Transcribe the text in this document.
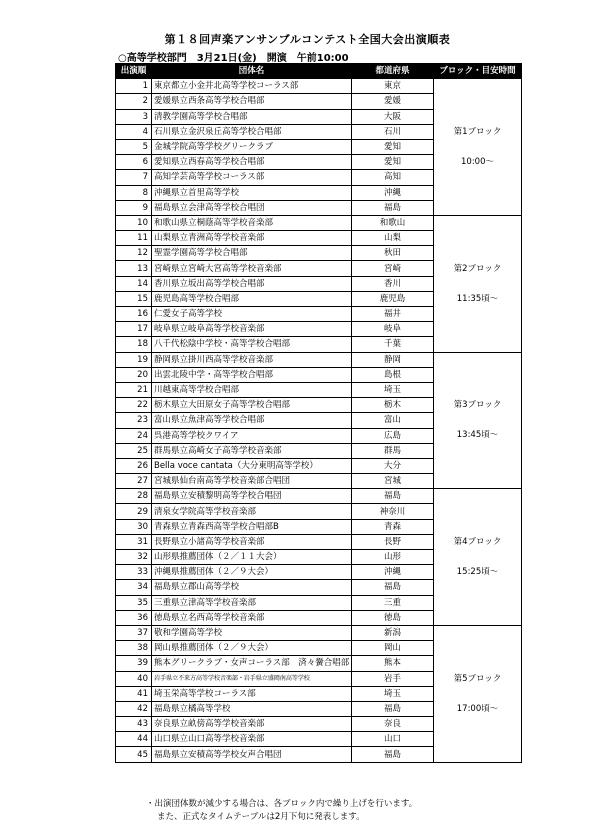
第１８回声楽アンサンブルコンテスト全国大会出演順表
○高等学校部門　3月21日(金)　開演　午前10:00
出演順	団体名	都道府県	ブロック・目安時間
1	東京都立小金井北高等学校コーラス部	東京	第1ブロック
10:00～

2	愛媛県立西条高等学校合唱部	愛媛	
3	清教学園高等学校合唱部	大阪	
4	石川県立金沢泉丘高等学校合唱部	石川	
5	金城学院高等学校グリークラブ	愛知	
6	愛知県立西春高等学校合唱部	愛知	
7	高知学芸高等学校コーラス部	高知	
8	沖縄県立首里高等学校	沖縄	
9	福島県立会津高等学校合唱団	福島	
10	和歌山県立桐蔭高等学校音楽部	和歌山	第2ブロック
11:35頃～

11	山梨県立青洲高等学校音楽部	山梨	
12	聖霊学園高等学校合唱部	秋田	
13	宮崎県立宮崎大宮高等学校音楽部	宮崎	
14	香川県立坂出高等学校合唱部	香川	
15	鹿児島高等学校合唱部	鹿児島	
16	仁愛女子高等学校	福井	
17	岐阜県立岐阜高等学校音楽部	岐阜	
18	八千代松陰中学校・高等学校合唱部	千葉	
19	静岡県立掛川西高等学校音楽部	静岡	第3ブロック
13:45頃～

20	出雲北陵中学・高等学校合唱部	島根	
21	川越東高等学校合唱部	埼玉	
22	栃木県立大田原女子高等学校合唱部	栃木	
23	富山県立魚津高等学校合唱部	富山	
24	呉港高等学校クワイア	広島	
25	群馬県立高崎女子高等学校音楽部	群馬	
26	Bella voce cantata（大分東明高等学校）	大分	
27	宮城県仙台南高等学校音楽部合唱団	宮城	
28	福島県立安積黎明高等学校合唱団	福島	第4ブロック
15:25頃～

29	清泉女学院高等学校音楽部	神奈川	
30	青森県立青森西高等学校合唱部B	青森	
31	長野県立小諸高等学校音楽部	長野	
32	山形県推薦団体（２／１１大会）	山形	
33	沖縄県推薦団体（２／９大会）	沖縄	
34	福島県立郡山高等学校	福島	
35	三重県立津高等学校音楽部	三重	
36	徳島県立名西高等学校音楽部	徳島	
37	敬和学園高等学校	新潟	第5ブロック
17:00頃～

38	岡山県推薦団体（２／９大会）	岡山	
39	熊本グリークラブ・女声コーラス部　済々黌合唱部	熊本	
40	岩手県立不来方高等学校音楽部・岩手県立盛岡南高等学校	岩手	
41	埼玉栄高等学校コーラス部	埼玉	
42	福島県立橘高等学校	福島	
43	奈良県立畝傍高等学校音楽部	奈良	
44	山口県立山口高等学校音楽部	山口	
45	福島県立安積高等学校女声合唱団	福島	
・出演団体数が減少する場合は、各ブロック内で繰り上げを行います。
また、正式なタイムテーブルは2月下旬に発表します。
